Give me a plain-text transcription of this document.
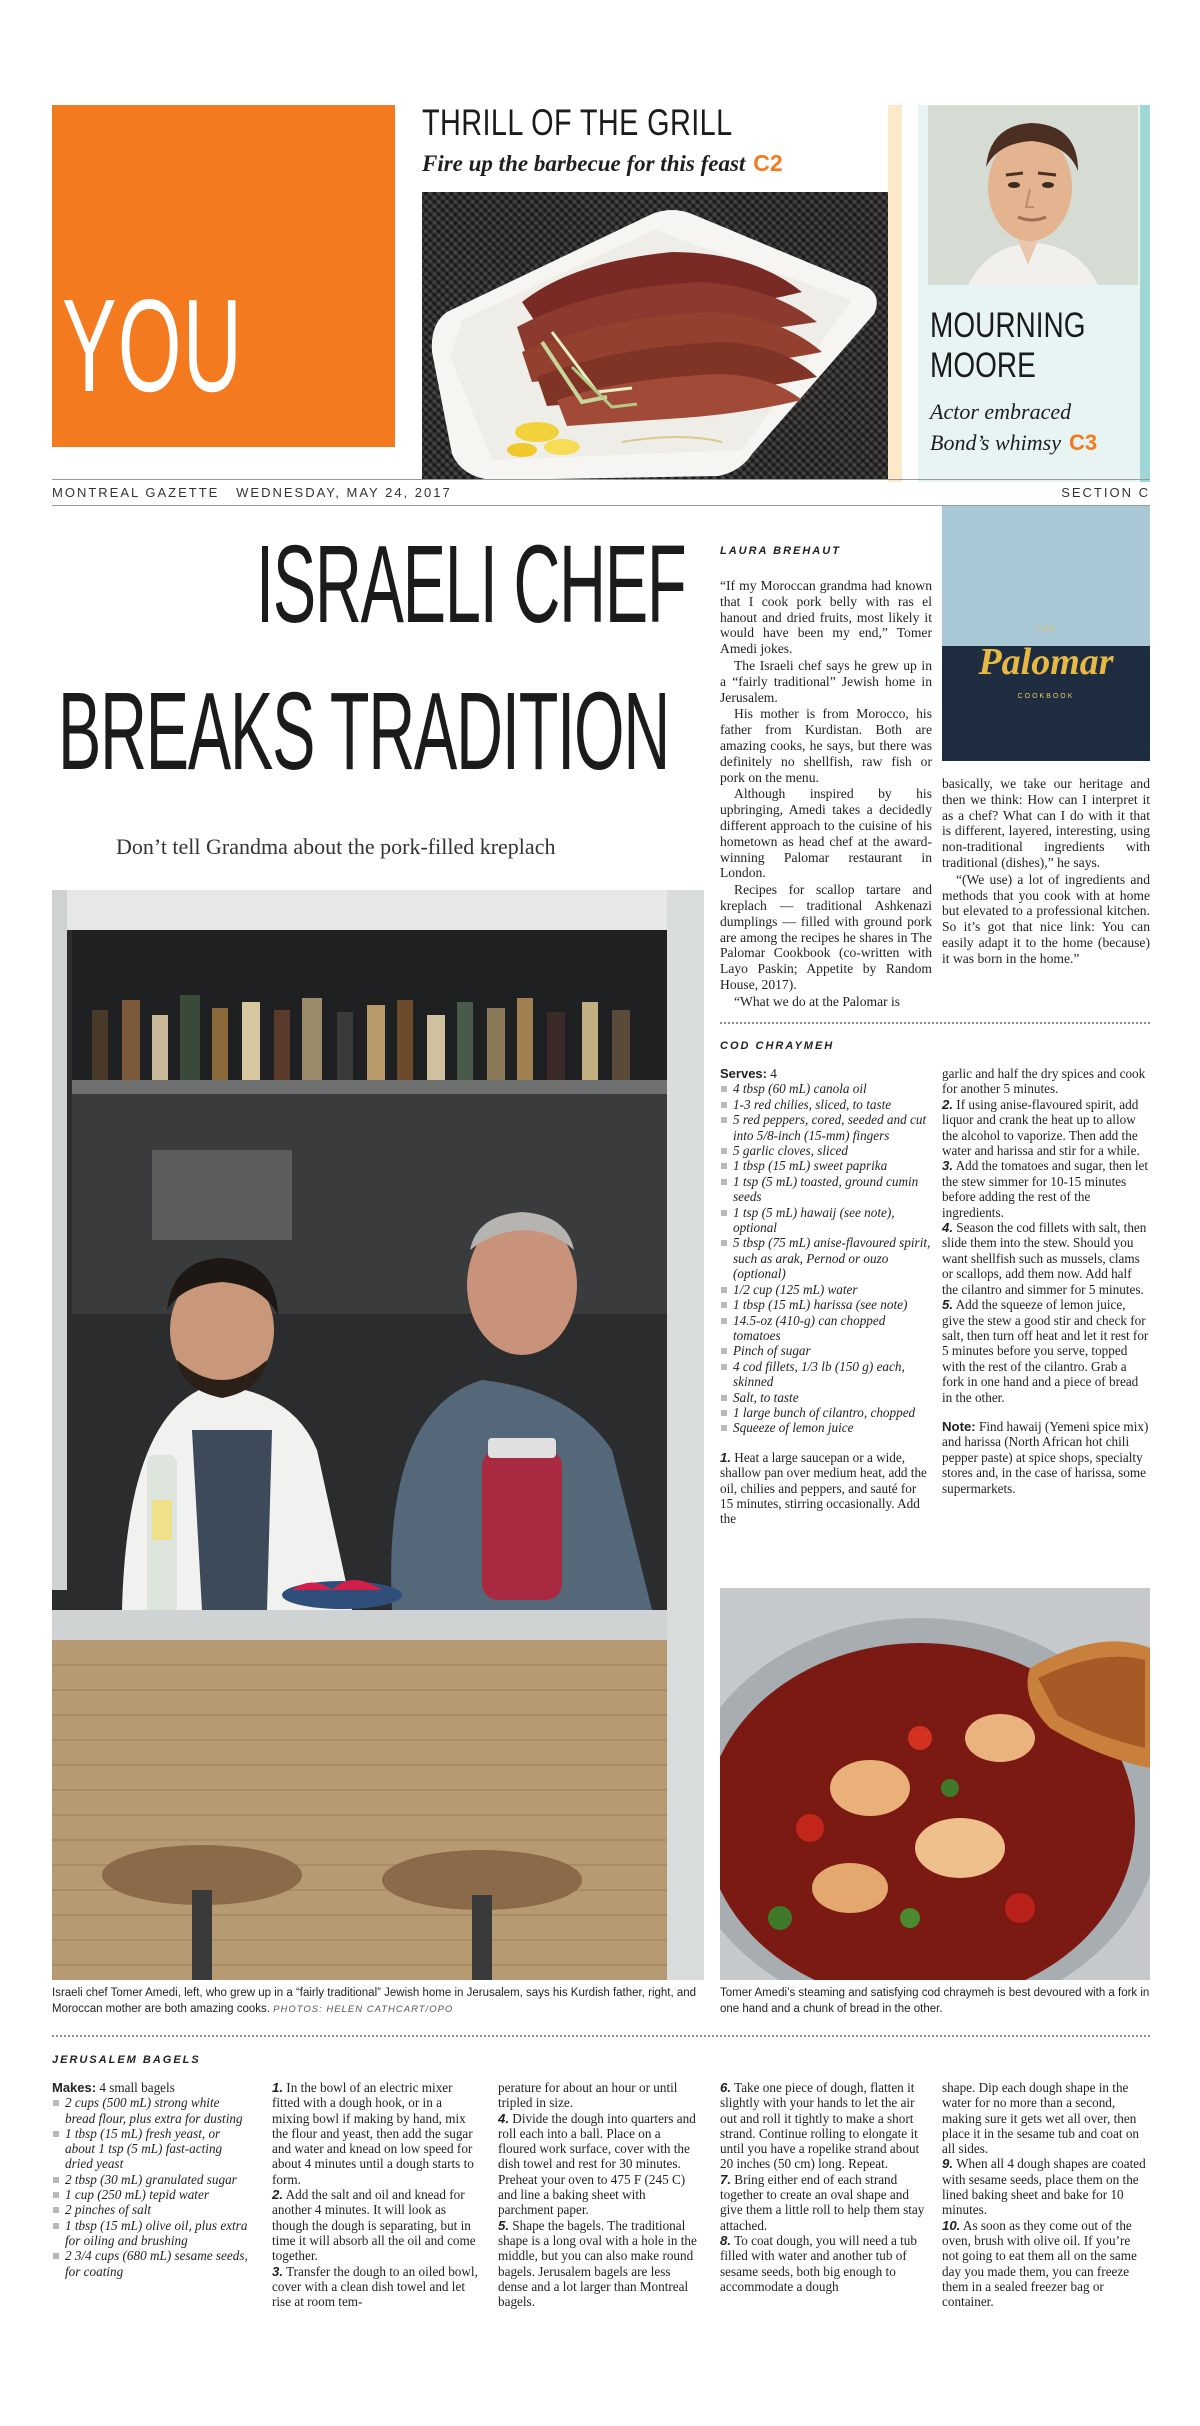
YOU
THRILL OF THE GRILL
Fire up the barbecue for this feast C2
MOURNING
MOORE
Actor embraced
Bond’s whimsy C3
MONTREAL GAZETTE   WEDNESDAY, MAY 24, 2017	SECTION C
ISRAELI CHEF
BREAKS TRADITION
Don’t tell Grandma about the pork-filled kreplach
Israeli chef Tomer Amedi, left, who grew up in a “fairly traditional” Jewish home in Jerusalem, says his Kurdish father, right, and Moroccan mother are both amazing cooks. PHOTOS: HELEN CATHCART/OPO
LAURA BREHAUT

“If my Moroccan grandma had known that I cook pork belly with ras el hanout and dried fruits, most likely it would have been my end,” Tomer Amedi jokes.

The Israeli chef says he grew up in a “fairly traditional” Jewish home in Jerusalem.

His mother is from Morocco, his father from Kurdistan. Both are amazing cooks, he says, but there was definitely no shellfish, raw fish or pork on the menu.

Although inspired by his upbringing, Amedi takes a decidedly different approach to the cuisine of his hometown as head chef at the award-winning Palomar restaurant in London.

Recipes for scallop tartare and kreplach — traditional Ashkenazi dumplings — filled with ground pork are among the recipes he shares in The Palomar Cookbook (co-written with Layo Paskin; Appetite by Random House, 2017).

“What we do at the Palomar is

THE
Palomar
COOKBOOK

basically, we take our heritage and then we think: How can I interpret it as a chef? What can I do with it that is different, layered, interesting, using non-traditional ingredients with traditional (dishes),” he says.

“(We use) a lot of ingredients and methods that you cook with at home but elevated to a professional kitchen. So it’s got that nice link: You can easily adapt it to the home (because) it was born in the home.”

COD CHRAYMEH
Serves: 4
4 tbsp (60 mL) canola oil
1-3 red chilies, sliced, to taste
5 red peppers, cored, seeded and cut into 5/8-inch (15-mm) fingers
5 garlic cloves, sliced
1 tbsp (15 mL) sweet paprika
1 tsp (5 mL) toasted, ground cumin seeds
1 tsp (5 mL) hawaij (see note), optional
5 tbsp (75 mL) anise-flavoured spirit, such as arak, Pernod or ouzo (optional)
1/2 cup (125 mL) water
1 tbsp (15 mL) harissa (see note)
14.5-oz (410-g) can chopped tomatoes
Pinch of sugar
4 cod fillets, 1/3 lb (150 g) each, skinned
Salt, to taste
1 large bunch of cilantro, chopped
Squeeze of lemon juice

1. Heat a large saucepan or a wide, shallow pan over medium heat, add the oil, chilies and peppers, and sauté for 15 minutes, stirring occasionally. Add the

garlic and half the dry spices and cook for another 5 minutes.

2. If using anise-flavoured spirit, add liquor and crank the heat up to allow the alcohol to vaporize. Then add the water and harissa and stir for a while.

3. Add the tomatoes and sugar, then let the stew simmer for 10-15 minutes before adding the rest of the ingredients.

4. Season the cod fillets with salt, then slide them into the stew. Should you want shellfish such as mussels, clams or scallops, add them now. Add half the cilantro and simmer for 5 minutes.

5. Add the squeeze of lemon juice, give the stew a good stir and check for salt, then turn off heat and let it rest for 5 minutes before you serve, topped with the rest of the cilantro. Grab a fork in one hand and a piece of bread in the other.

Note: Find hawaij (Yemeni spice mix) and harissa (North African hot chili pepper paste) at spice shops, specialty stores and, in the case of harissa, some supermarkets.

Tomer Amedi’s steaming and satisfying cod chraymeh is best devoured with a fork in one hand and a chunk of bread in the other.
JERUSALEM BAGELS
Makes: 4 small bagels
2 cups (500 mL) strong white bread flour, plus extra for dusting
1 tbsp (15 mL) fresh yeast, or about 1 tsp (5 mL) fast-acting dried yeast
2 tbsp (30 mL) granulated sugar
1 cup (250 mL) tepid water
2 pinches of salt
1 tbsp (15 mL) olive oil, plus extra for oiling and brushing
2 3/4 cups (680 mL) sesame seeds, for coating

1. In the bowl of an electric mixer fitted with a dough hook, or in a mixing bowl if making by hand, mix the flour and yeast, then add the sugar and water and knead on low speed for about 4 minutes until a dough starts to form.

2. Add the salt and oil and knead for another 4 minutes. It will look as though the dough is separating, but in time it will absorb all the oil and come together.

3. Transfer the dough to an oiled bowl, cover with a clean dish towel and let rise at room tem-

perature for about an hour or until tripled in size.

4. Divide the dough into quarters and roll each into a ball. Place on a floured work surface, cover with the dish towel and rest for 30 minutes. Preheat your oven to 475 F (245 C) and line a baking sheet with parchment paper.

5. Shape the bagels. The traditional shape is a long oval with a hole in the middle, but you can also make round bagels. Jerusalem bagels are less dense and a lot larger than Montreal bagels.

6. Take one piece of dough, flatten it slightly with your hands to let the air out and roll it tightly to make a short strand. Continue rolling to elongate it until you have a ropelike strand about 20 inches (50 cm) long. Repeat.

7. Bring either end of each strand together to create an oval shape and give them a little roll to help them stay attached.

8. To coat dough, you will need a tub filled with water and another tub of sesame seeds, both big enough to accommodate a dough

shape. Dip each dough shape in the water for no more than a second, making sure it gets wet all over, then place it in the sesame tub and coat on all sides.

9. When all 4 dough shapes are coated with sesame seeds, place them on the lined baking sheet and bake for 10 minutes.

10. As soon as they come out of the oven, brush with olive oil. If you’re not going to eat them all on the same day you made them, you can freeze them in a sealed freezer bag or container.
